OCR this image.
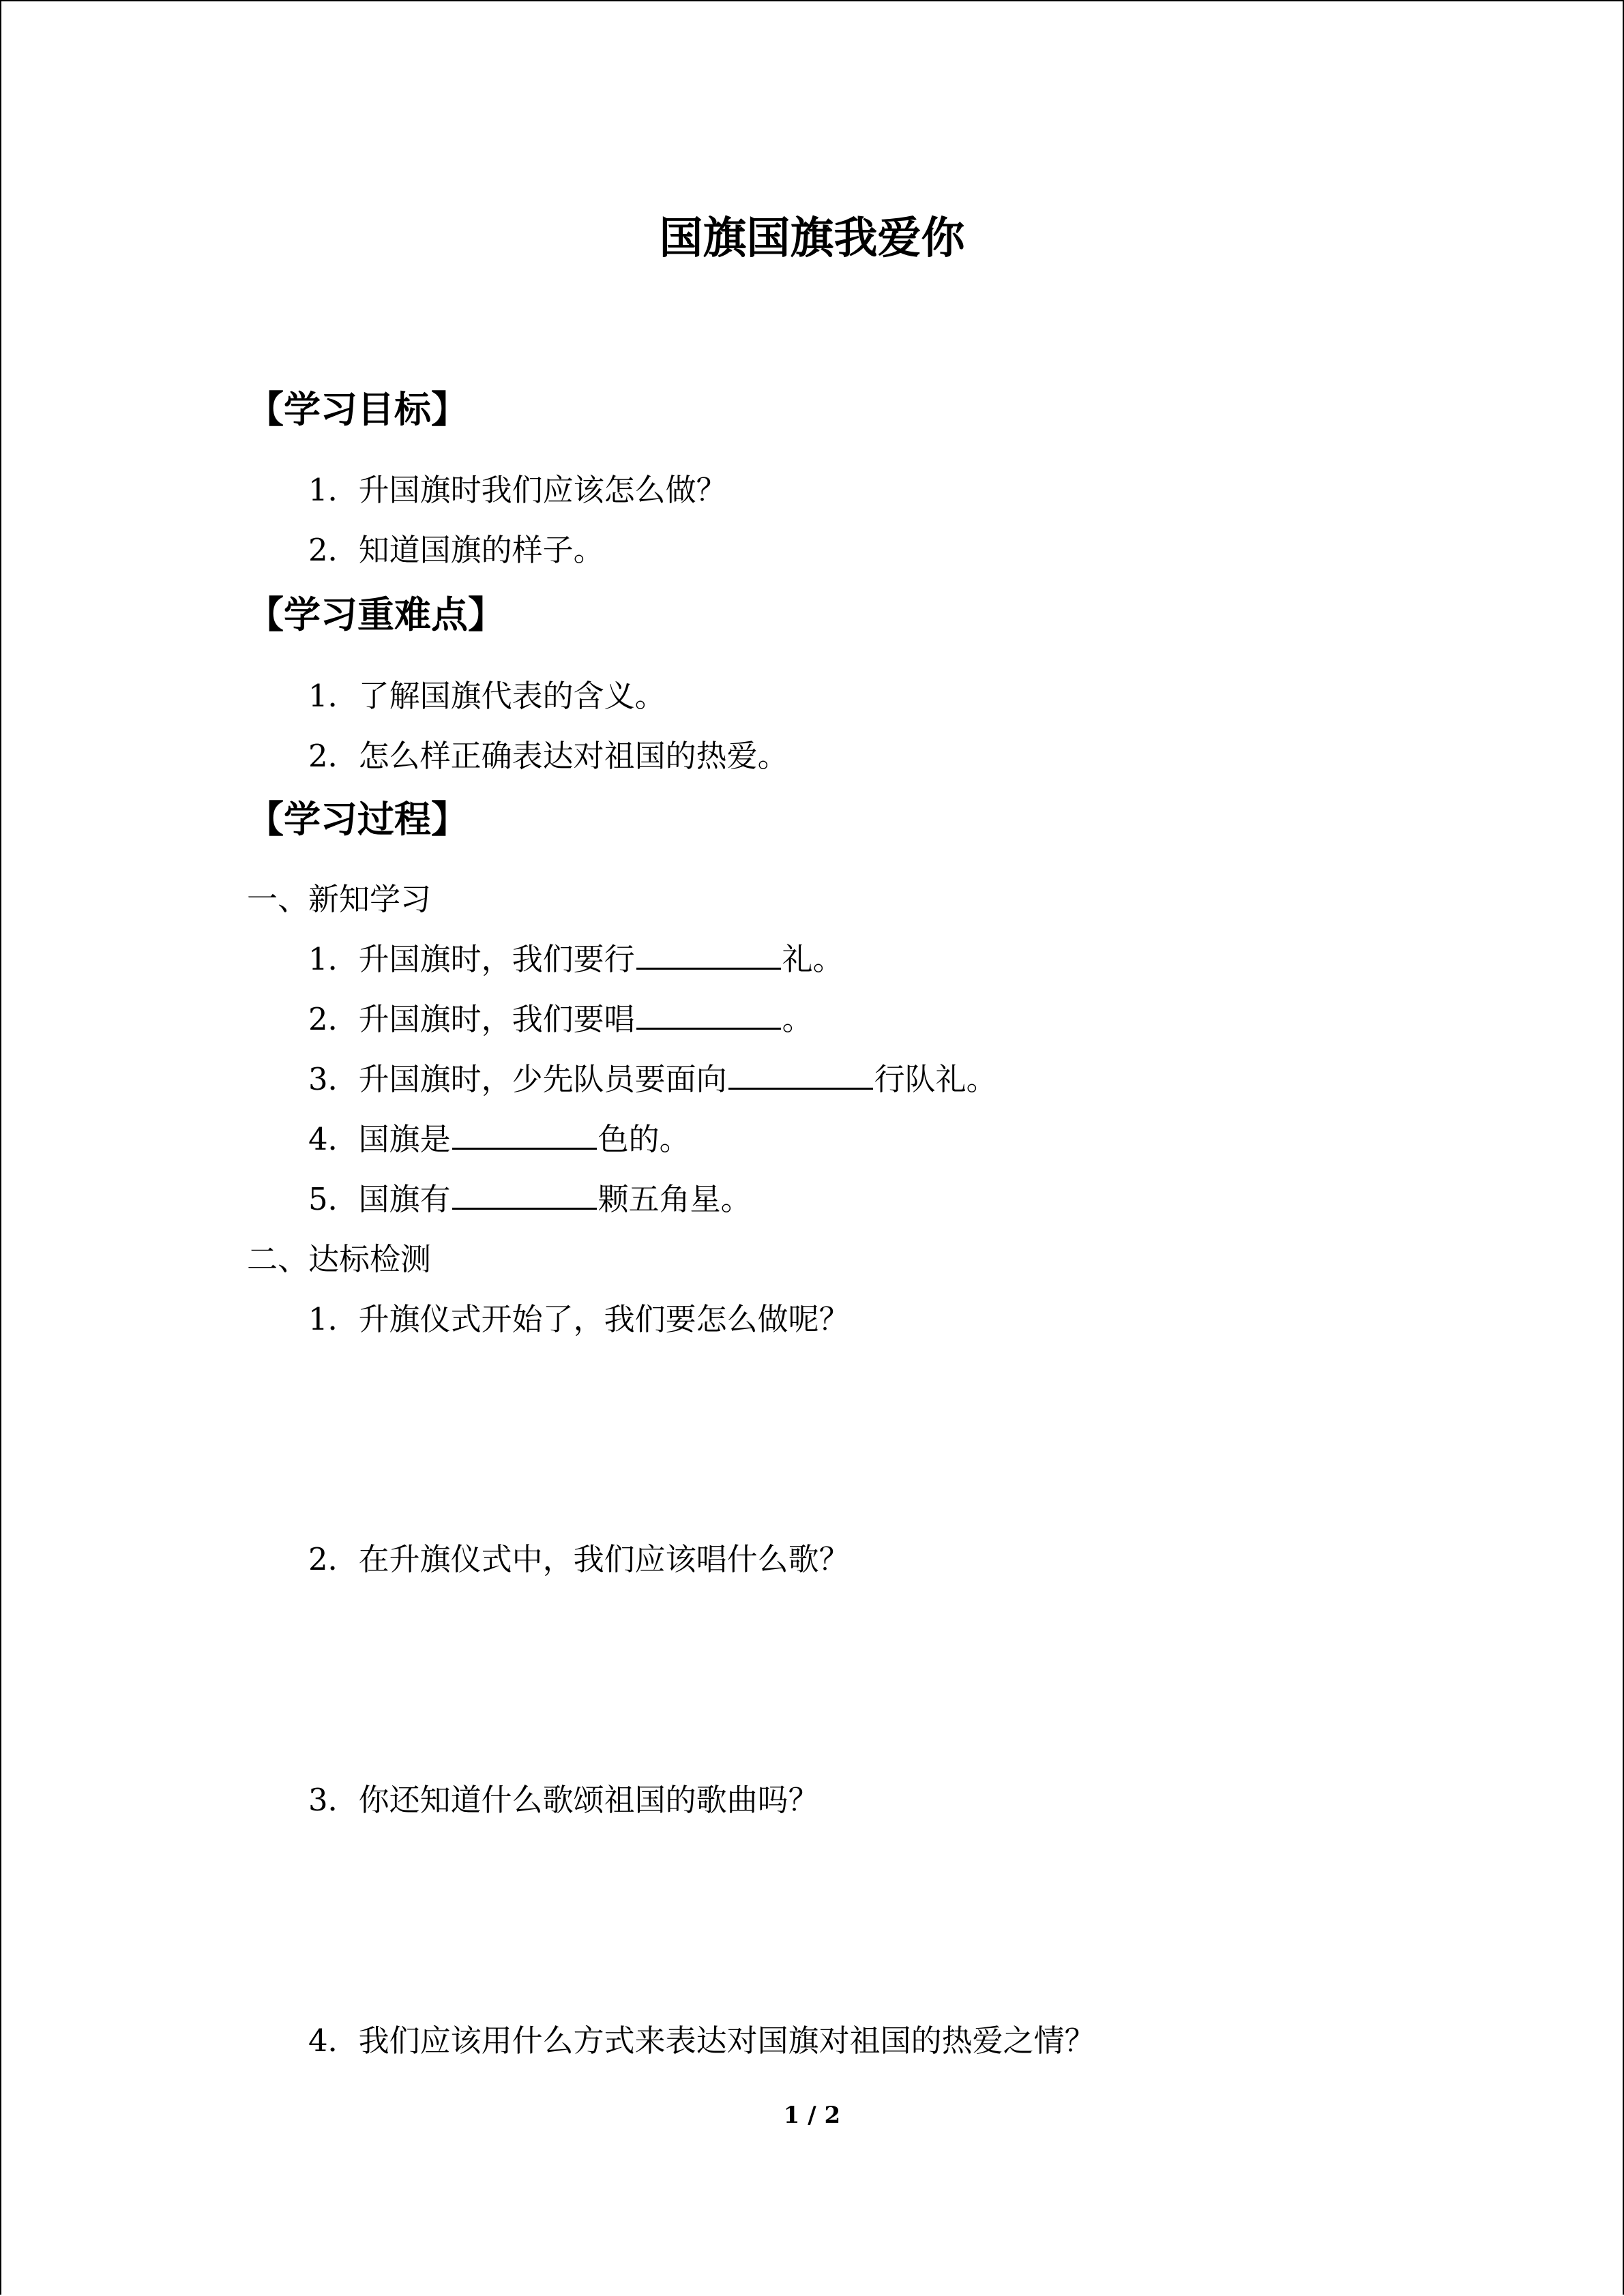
国旗国旗我爱你
【学习目标】
1．升国旗时我们应该怎么做？
2．知道国旗的样子。
【学习重难点】
1．了解国旗代表的含义。
2．怎么样正确表达对祖国的热爱。
【学习过程】
一、新知学习
1．升国旗时，我们要行	礼。
2．升国旗时，我们要唱	。
3．升国旗时，少先队员要面向	行队礼。
4．国旗是	色的。
5．国旗有	颗五角星。
二、达标检测
1．升旗仪式开始了，我们要怎么做呢？
2．在升旗仪式中，我们应该唱什么歌？
3．你还知道什么歌颂祖国的歌曲吗？
4．我们应该用什么方式来表达对国旗对祖国的热爱之情？
1 / 2
